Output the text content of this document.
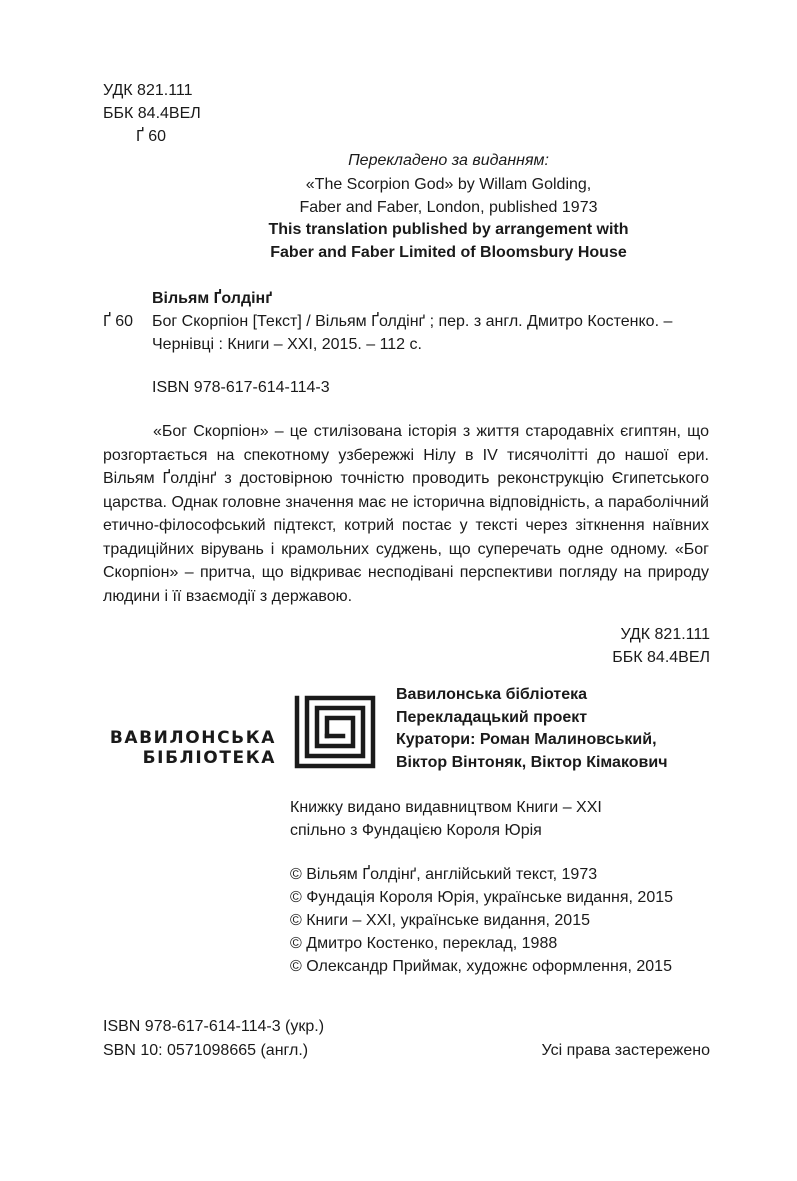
УДК 821.111
ББК 84.4ВЕЛ
Ґ 60
Перекладено за виданням:
«The Scorpion God» by Willam Golding,
Faber and Faber, London, published 1973
This translation published by arrangement with
Faber and Faber Limited of Bloomsbury House
Вільям Ґолдінґ
Ґ 60 Бог Скорпіон [Текст] / Вільям Ґолдінґ ; пер. з англ. Дмитро Костенко. –
Чернівці : Книги – ХХІ, 2015. – 112 с.
ISBN 978-617-614-114-3

«Бог Скорпіон» – це стилізована історія з життя стародавніх єгиптян, що розгортається на спекотному узбережжі Нілу в IV тисячолітті до нашої ери. Вільям Ґолдінґ з достовірною точністю проводить реконструкцію Єгипетського царства. Однак головне значення має не історична відповідність, а параболічний етично-філософський підтекст, котрий постає у тексті через зіткнення наївних традиційних вірувань і крамольних суджень, що суперечать одне одному. «Бог Скорпіон» – притча, що відкриває несподівані перспективи погляду на природу людини і її взаємодії з державою.

УДК 821.111
ББК 84.4ВЕЛ
ВАВИЛОНСЬКА
БІБЛІОТЕКА
Вавилонська бібліотека
Перекладацький проект
Куратори: Роман Малиновський,
Віктор Вінтоняк, Віктор Кімакович
Книжку видано видавництвом Книги – ХХІ
спільно з Фундацією Короля Юрія
© Вільям Ґолдінґ, англійський текст, 1973
© Фундація Короля Юрія, українське видання, 2015
© Книги – ХХІ, українське видання, 2015
© Дмитро Костенко, переклад, 1988
© Олександр Приймак, художнє оформлення, 2015
ISBN 978-617-614-114-3 (укр.)
SBN 10: 0571098665 (англ.)	Усі права застережено
